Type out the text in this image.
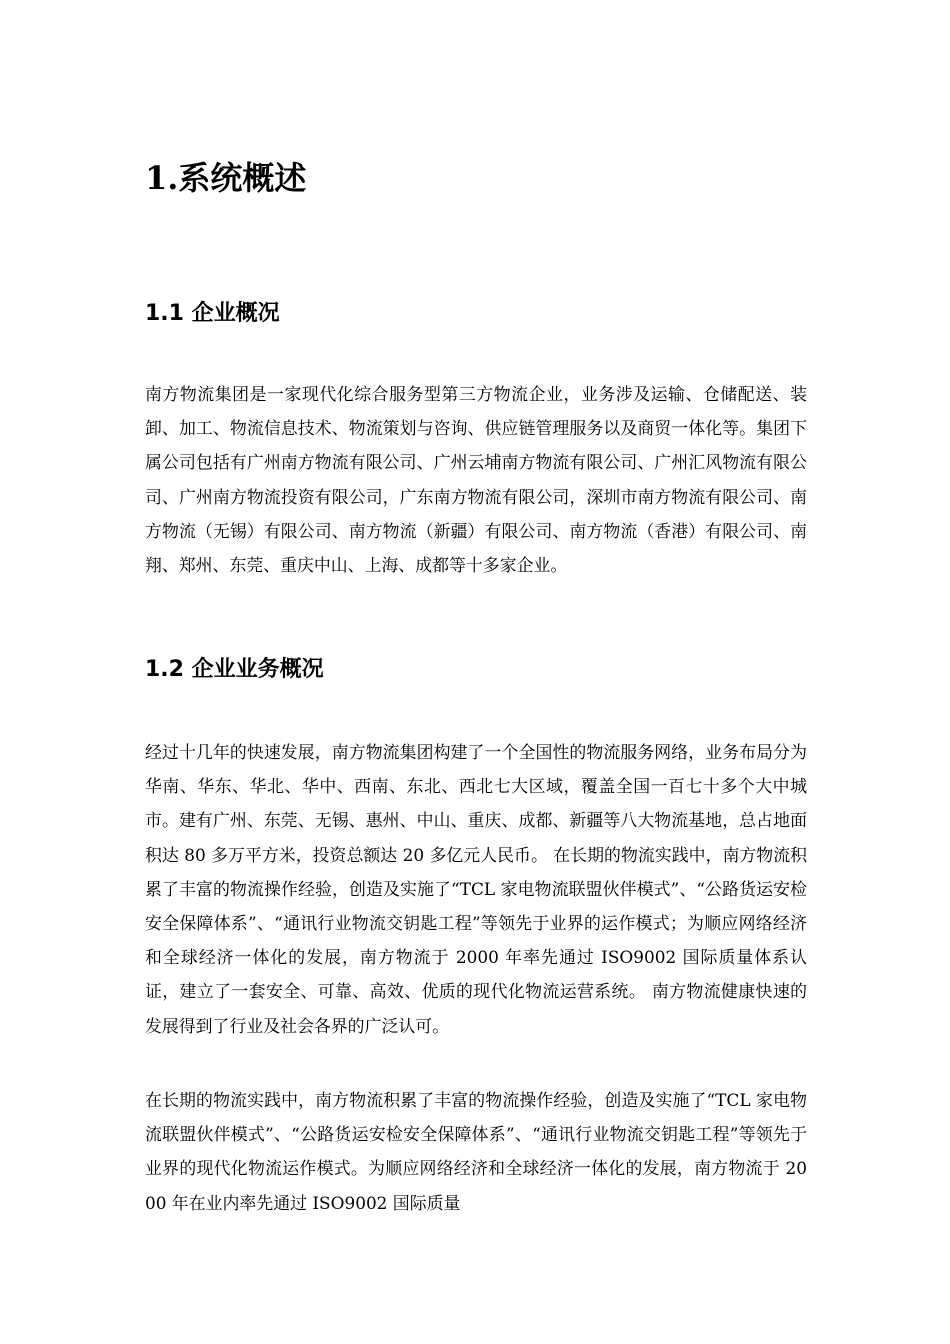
1.系统概述
1.1 企业概况

南方物流集团是一家现代化综合服务型第三方物流企业，业务涉及运输、仓储配送、装卸、加工、物流信息技术、物流策划与咨询、供应链管理服务以及商贸一体化等。集团下属公司包括有广州南方物流有限公司、广州云埔南方物流有限公司、广州汇风物流有限公司、广州南方物流投资有限公司，广东南方物流有限公司，深圳市南方物流有限公司、南方物流（无锡）有限公司、南方物流（新疆）有限公司、南方物流（香港）有限公司、南翔、郑州、东莞、重庆中山、上海、成都等十多家企业。

1.2 企业业务概况

经过十几年的快速发展，南方物流集团构建了一个全国性的物流服务网络，业务布局分为华南、华东、华北、华中、西南、东北、西北七大区域，覆盖全国一百七十多个大中城市。建有广州、东莞、无锡、惠州、中山、重庆、成都、新疆等八大物流基地，总占地面积达 80 多万平方米，投资总额达 20 多亿元人民币。 在长期的物流实践中，南方物流积累了丰富的物流操作经验，创造及实施了“TCL 家电物流联盟伙伴模式”、“公路货运安检安全保障体系”、“通讯行业物流交钥匙工程”等领先于业界的运作模式；为顺应网络经济和全球经济一体化的发展，南方物流于 2000 年率先通过 ISO9002 国际质量体系认证，建立了一套安全、可靠、高效、优质的现代化物流运营系统。 南方物流健康快速的发展得到了行业及社会各界的广泛认可。

在长期的物流实践中，南方物流积累了丰富的物流操作经验，创造及实施了“TCL 家电物流联盟伙伴模式”、“公路货运安检安全保障体系”、“通讯行业物流交钥匙工程”等领先于业界的现代化物流运作模式。为顺应网络经济和全球经济一体化的发展，南方物流于 2000 年在业内率先通过 ISO9002 国际质量
